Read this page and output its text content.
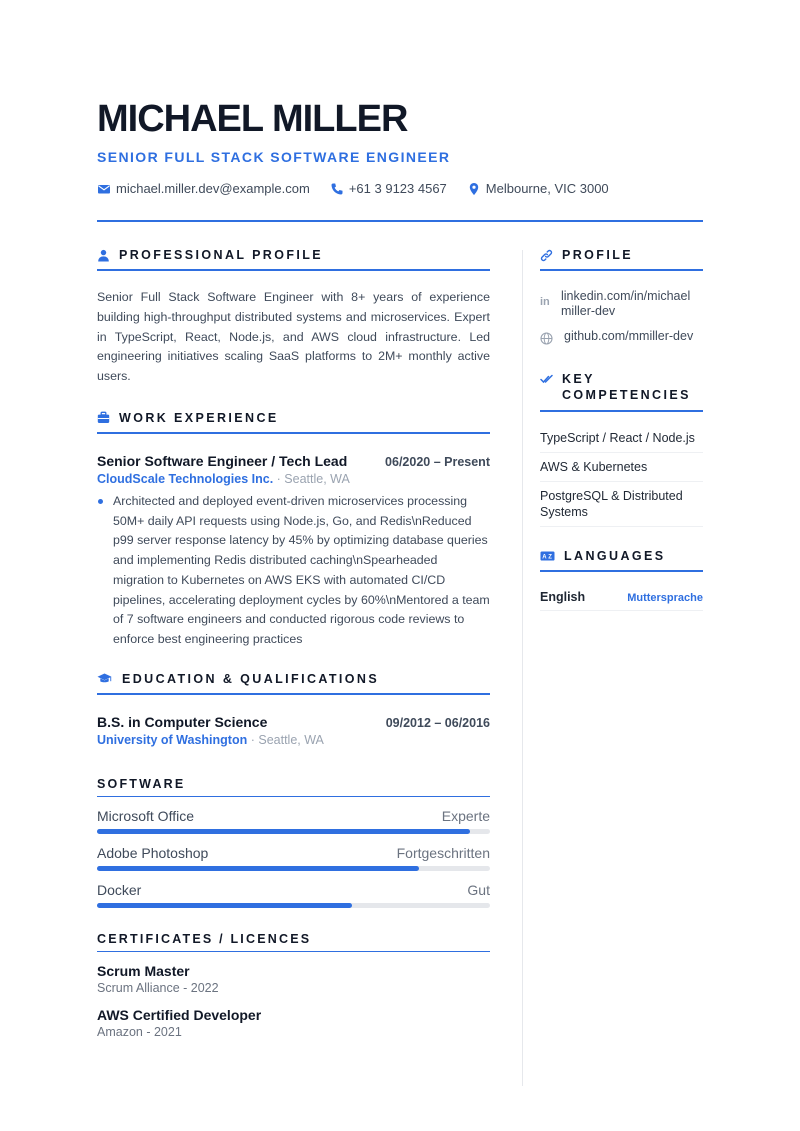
MICHAEL MILLER
SENIOR FULL STACK SOFTWARE ENGINEER
michael.miller.dev@example.com	+61 3 9123 4567	Melbourne, VIC 3000
PROFESSIONAL PROFILE
Senior Full Stack Software Engineer with 8+ years of experience building high-throughput distributed systems and microservices. Expert in TypeScript, React, Node.js, and AWS cloud infrastructure. Led engineering initiatives scaling SaaS platforms to 2M+ monthly active users.
WORK EXPERIENCE
Senior Software Engineer / Tech Lead	06/2020 – Present
CloudScale Technologies Inc. · Seattle, WA
Architected and deployed event-driven microservices processing 50M+ daily API requests using Node.js, Go, and Redis\nReduced p99 server response latency by 45% by optimizing database queries and implementing Redis distributed caching\nSpearheaded migration to Kubernetes on AWS EKS with automated CI/CD pipelines, accelerating deployment cycles by 60%\nMentored a team of 7 software engineers and conducted rigorous code reviews to enforce best engineering practices
EDUCATION & QUALIFICATIONS
B.S. in Computer Science	09/2012 – 06/2016
University of Washington · Seattle, WA
SOFTWARE
Microsoft Office	Experte
Adobe Photoshop	Fortgeschritten
Docker	Gut
CERTIFICATES / LICENCES
Scrum Master
Scrum Alliance - 2022
AWS Certified Developer
Amazon - 2021
PROFILE
in linkedin.com/in/michael miller-dev
github.com/mmiller-dev
KEY COMPETENCIES
TypeScript / React / Node.js
AWS & Kubernetes
PostgreSQL & Distributed Systems
A Z LANGUAGES
English	Muttersprache
